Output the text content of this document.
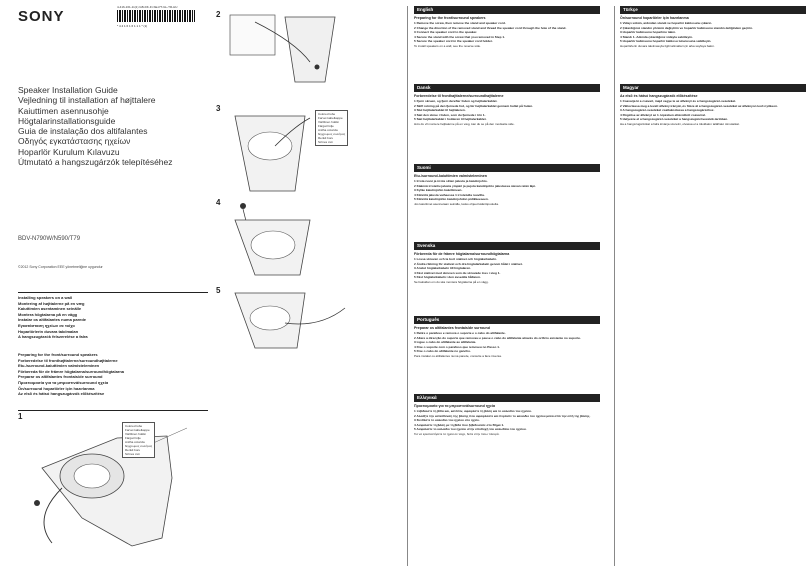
SONY
4-416-161-11(1) GB-DK-FI-SE-PT-GL-TR-HU
* 4 4 1 6 1 6 1 1 1 * (1)
Speaker Installation Guide
Vejledning til installation af højttalere
Kaiuttimen asennusohje
Högtalarinstallationsguide
Guia de instalação dos altifalantes
Οδηγός εγκατάστασης ηχείων
Hoparlör Kurulum Kılavuzu
Útmutató a hangszugárzók telepítéséhez
BDV-N790W/N590/T79
©2012 Sony Corporation EEE yönetmeliğine uygundur
Installing speakers on a wall
Montering af højttalerne på en væg
Kaiuttimien asentaminen seinälle
Montera högtalarna på en vägg
Instalar os altifalantes numa parede
Εγκατάσταση ηχείων σε τοίχο
Hoparlörlerin duvara takılmaları
A hangszugárzók felszerelése a falra
Preparing for the front/surround speakers
Forberedelse til fronthøjttalerne/surroundhøjttalerne
Etu-/surround-kaiuttimien valmisteleminen
Förbereda för de främre högtalarna/surroundhögtalarna
Preparar os altifalantes frontais/de surround
Προετοιμασία για τα μπροστινά/surround ηχεία
Ön/surround hoparlörler için hazırlanma
Az elsõ és hátsó hangszugárzók elõkészítése
1
Colored tube
Farvet kabelkappe
Värillinen holkki
Färgat hölje
Anilha colorida
Έγχρωμος σωλήνας
Renkli boru
Színes cső
2
3
Colored tube
Farvet kabelkappe
Värillinen holkki
Färgat hölje
Anilha colorida
Έγχρωμος σωλήνας
Renkli boru
Színes cső
4
5
English
Preparing for the front/surround speakers
1 Remove the screw, then remove the stand and speaker cord.
2 Change the direction of the removed stand and thread the speaker cord through the hole of the stand.
3 Connect the speaker cord to the speaker.
4 Secure the stand with the screw that you removed in Step 1.
5 Secure the speaker cord in the speaker cord holder.
To install speakers on a wall, see the reverse side.
Dansk
Forberedelse til fronthøjttalerne/surroundhøjttalerne
1 Fjern skruen, og fjern derefter foden og højttalerkablet.
2 Skift retning på den fjernede fod, og før højttalerkablet gennem hullet på foden.
3 Slut højttalerkablet til højttaleren.
4 Sæt den skrue i foden, som du fjernede i trin 1.
5 Sæt højttalerkablet i holderen til højttalerkablet.
Hvis du vil montere højttalerne på en væg, kan du se på den modsatte side.
Suomi
Etu-/surround-kaiuttimien valmisteleminen
1 Irrota ruuvi ja irrota sitten jalusta ja kaiutinjohto.
2 Käännä irrotettu jalusta ympäri ja pujota kaiutinjohto jalustassa olevan reiän läpi.
3 Kytke kaiutinjohto kaiuttimeen.
4 Kiinnitä jalusta vaiheessa 1 irrotetulla ruuvilla.
5 Kiinnitä kaiutinjohto kaiutinjohdon pidikkeeseen.
Jos kaiuttimet asennetaan seinälle, katso ohjeet kääntöpuolelta.
Svenska
Förbereda för de främre högtalarna/surroundhögtalarna
1 Lossa skruven och ta bort stativet och högtalarkabeln.
2 Ändra riktning för stativet och dra högtalarkabeln genom hålet i stativet.
3 Anslut högtalarkabeln till högtalaren.
4 Fäst stativet med skruven som du skruvade loss i steg 1.
5 Fäst högtalarkabeln i den avsedda hållaren.
Se baksidan om du ska montera högtalarna på en vägg.
Português
Preparar os altifalantes frontais/de surround
1 Retire o parafuso e remova o suporte e o cabo do altifalante.
2 Altere a direcção do suporte que removeu e passe o cabo do altifalante através do orifício existente no suporte.
3 Ligue o cabo do altifalante ao altifalante.
4 Fixe o suporte com o parafuso que removeu no Passo 1.
5 Fixe o cabo do altifalante no gancho.
Para instalar os altifalantes numa parede, consulte a face inversa.
Ελληνικά
Προετοιμασία για τα μπροστινά/surround ηχεία
1 Ξεβιδώστε τη βίδα και, κατόπιν, αφαιρέστε τη βάση και το καλώδιο του ηχείου.
2 Αλλάξτε την κατεύθυνση της βάσης που αφαιρέσατε και περάστε το καλώδιο του ηχείου μέσα από την οπή της βάσης.
3 Συνδέστε το καλώδιο του ηχείου στο ηχείο.
4 Ασφαλίστε τη βάση με τη βίδα που ξεβιδώσατε στο Βήμα 1.
5 Ασφαλίστε το καλώδιο του ηχείου στην υποδοχή του καλωδίου του ηχείου.
Για να εγκαταστήσετε τα ηχεία σε τοίχο, δείτε στην πίσω πλευρά.
Türkçe
Ön/surround hoparlörler için hazırlanma
1 Vidayı sökün, ardından standı ve hoparlör kablosunu çıkarın.
2 Çıkardığınız standın yönünü değiştirin ve hoparlör kablosunu standın deliğinden geçirin.
3 Hoparlör kablosunu hoparlöre takın.
4 Standı 1. Adımda çıkardığınız vidayla sabitleyin.
5 Hoparlör kablosunu hoparlör kablosu tutucusuna sabitleyin.
Hoparlörlerin duvara takılmasıyla ilgili talimatlar için arka sayfaya bakın.
Magyar
Az elsõ és hátsó hangszugárzók elõkészítése
1 Csavarja ki a csavart, majd vegye le az állványt és a hangszugárzó-vezetéket.
2 Változtassa meg a levett állvány irányát, és fűzze át a hangszugárzó-vezetéket az állványon levő nyíláson.
3 A hangszugárzó-vezetéket csatlakoztassa a hangszugárzóhoz.
4 Rögzítse az állványt az 1. lépésben eltávolított csavarral.
5 Helyezze el a hangszugárzó-vezetéket a hangszugárzóvezeték-tartóban.
Ha a hangszugárzókat a falra kívánja szerelni, olvassa el a túloldalon található útmutatást.
